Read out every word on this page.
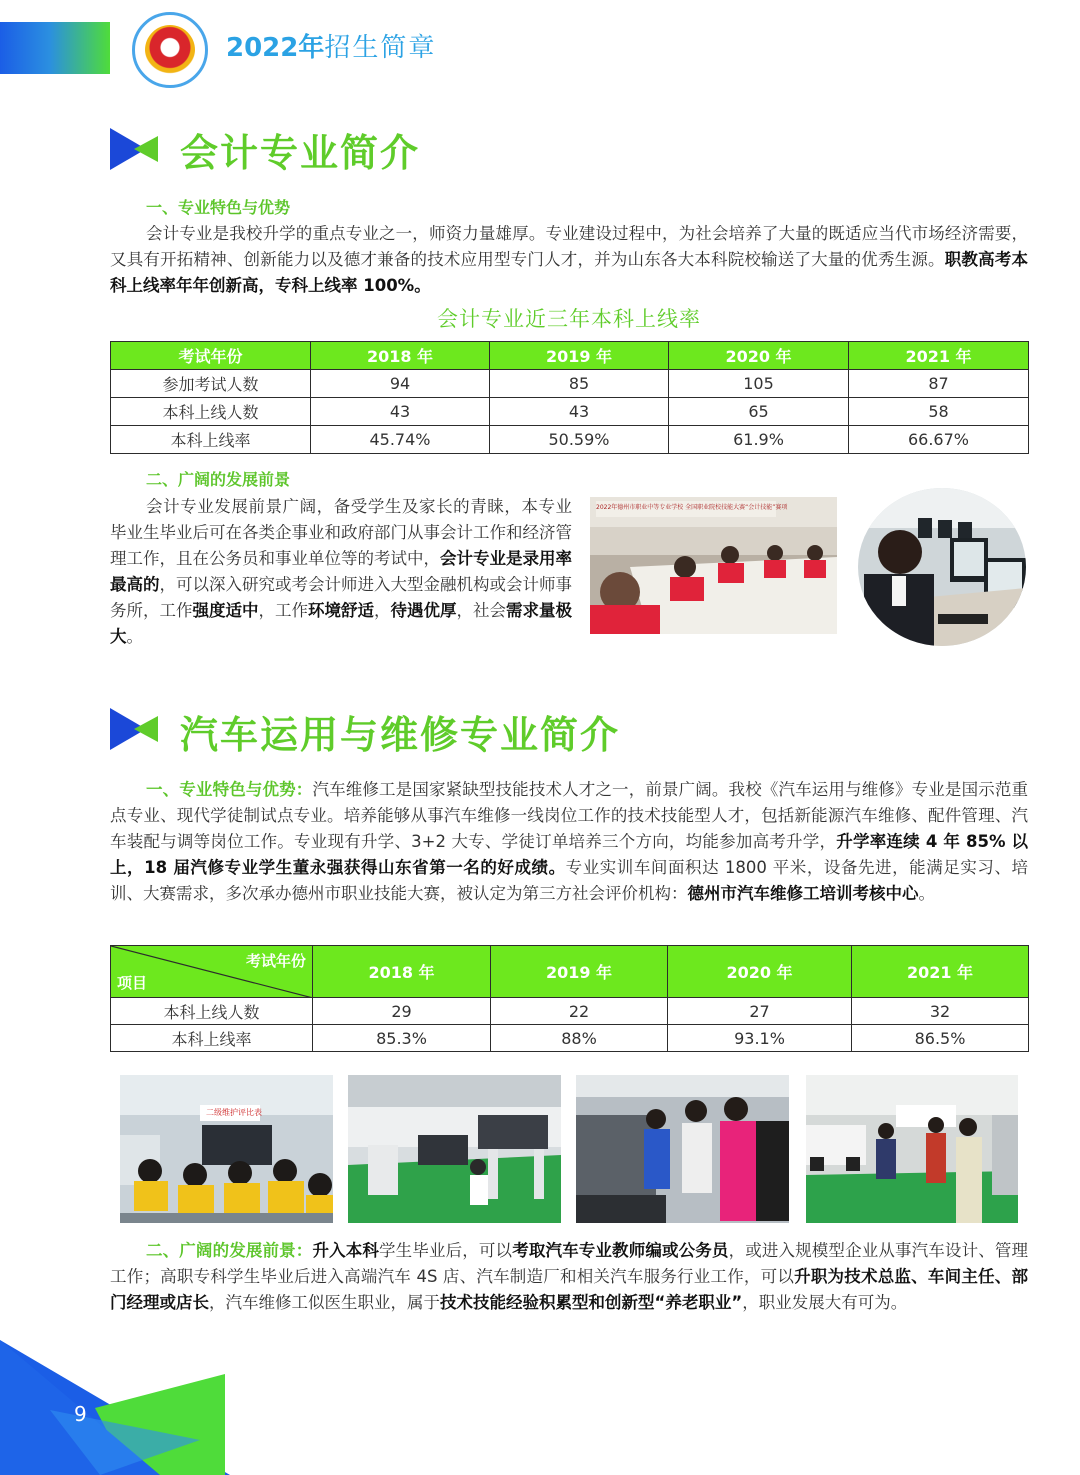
2022年招生简章
会计专业简介
一、专业特色与优势
会计专业是我校升学的重点专业之一，师资力量雄厚。专业建设过程中，为社会培养了大量的既适应当代市场经济需要，又具有开拓精神、创新能力以及德才兼备的技术应用型专门人才，并为山东各大本科院校输送了大量的优秀生源。职教高考本科上线率年年创新高，专科上线率 100%。
会计专业近三年本科上线率
考试年份	2018 年	2019 年	2020 年	2021 年
参加考试人数	94	85	105	87
本科上线人数	43	43	65	58
本科上线率	45.74%	50.59%	61.9%	66.67%
二、广阔的发展前景
会计专业发展前景广阔，备受学生及家长的青睐，本专业毕业生毕业后可在各类企事业和政府部门从事会计工作和经济管理工作，且在公务员和事业单位等的考试中，会计专业是录用率最高的，可以深入研究或考会计师进入大型金融机构或会计师事务所，工作强度适中，工作环境舒适，待遇优厚，社会需求量极大。
2022年德州市职业中等专业学校 全国职业院校技能大赛“会计技能”赛项
汽车运用与维修专业简介
一、专业特色与优势：汽车维修工是国家紧缺型技能技术人才之一，前景广阔。我校《汽车运用与维修》专业是国示范重点专业、现代学徒制试点专业。培养能够从事汽车维修一线岗位工作的技术技能型人才，包括新能源汽车维修、配件管理、汽车装配与调等岗位工作。专业现有升学、3+2 大专、学徒订单培养三个方向，均能参加高考升学，升学率连续 4 年 85% 以上，18 届汽修专业学生董永强获得山东省第一名的好成绩。专业实训车间面积达 1800 平米，设备先进，能满足实习、培训、大赛需求，多次承办德州市职业技能大赛，被认定为第三方社会评价机构：德州市汽车维修工培训考核中心。
考试年份
项目	2018 年	2019 年	2020 年	2021 年
本科上线人数	29	22	27	32
本科上线率	85.3%	88%	93.1%	86.5%
二级维护评比表
二、广阔的发展前景：升入本科学生毕业后，可以考取汽车专业教师编或公务员，或进入规模型企业从事汽车设计、管理工作；高职专科学生毕业后进入高端汽车 4S 店、汽车制造厂和相关汽车服务行业工作，可以升职为技术总监、车间主任、部门经理或店长，汽车维修工似医生职业，属于技术技能经验积累型和创新型“养老职业”，职业发展大有可为。
9
